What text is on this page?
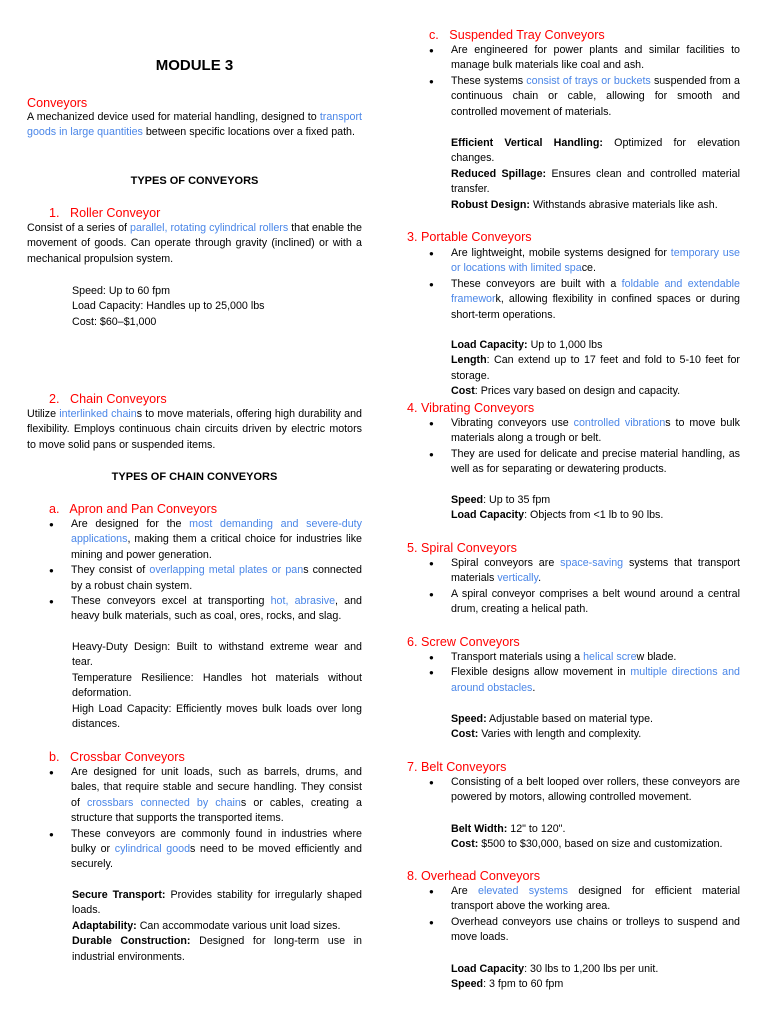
MODULE 3
Conveyors

A mechanized device used for material handling, designed to transport goods in large quantities between specific locations over a fixed path.

TYPES OF CONVEYORS
1. Roller Conveyor

Consist of a series of parallel, rotating cylindrical rollers that enable the movement of goods. Can operate through gravity (inclined) or with a mechanical propulsion system.

Speed: Up to 60 fpm
Load Capacity: Handles up to 25,000 lbs
Cost: $60–$1,000
2. Chain Conveyors

Utilize interlinked chains to move materials, offering high durability and flexibility. Employs continuous chain circuits driven by electric motors to move solid pans or suspended items.

TYPES OF CHAIN CONVEYORS
a. Apron and Pan Conveyors
● Are designed for the most demanding and severe-duty applications, making them a critical choice for industries like mining and power generation.
● They consist of overlapping metal plates or pans connected by a robust chain system.
● These conveyors excel at transporting hot, abrasive, and heavy bulk materials, such as coal, ores, rocks, and slag.
Heavy-Duty Design: Built to withstand extreme wear and tear.
Temperature Resilience: Handles hot materials without deformation.
High Load Capacity: Efficiently moves bulk loads over long distances.
b. Crossbar Conveyors
● Are designed for unit loads, such as barrels, drums, and bales, that require stable and secure handling. They consist of crossbars connected by chains or cables, creating a structure that supports the transported items.
● These conveyors are commonly found in industries where bulky or cylindrical goods need to be moved efficiently and securely.
Secure Transport: Provides stability for irregularly shaped loads.
Adaptability: Can accommodate various unit load sizes.
Durable Construction: Designed for long-term use in industrial environments.
c. Suspended Tray Conveyors
● Are engineered for power plants and similar facilities to manage bulk materials like coal and ash.
● These systems consist of trays or buckets suspended from a continuous chain or cable, allowing for smooth and controlled movement of materials.
Efficient Vertical Handling: Optimized for elevation changes.
Reduced Spillage: Ensures clean and controlled material transfer.
Robust Design: Withstands abrasive materials like ash.
3. Portable Conveyors
● Are lightweight, mobile systems designed for temporary use or locations with limited space.
● These conveyors are built with a foldable and extendable framework, allowing flexibility in confined spaces or during short-term operations.
Load Capacity: Up to 1,000 lbs
Length: Can extend up to 17 feet and fold to 5-10 feet for storage.
Cost: Prices vary based on design and capacity.
4. Vibrating Conveyors
● Vibrating conveyors use controlled vibrations to move bulk materials along a trough or belt.
● They are used for delicate and precise material handling, as well as for separating or dewatering products.
Speed: Up to 35 fpm
Load Capacity: Objects from <1 lb to 90 lbs.
5. Spiral Conveyors
● Spiral conveyors are space-saving systems that transport materials vertically.
● A spiral conveyor comprises a belt wound around a central drum, creating a helical path.
6. Screw Conveyors
● Transport materials using a helical screw blade.
● Flexible designs allow movement in multiple directions and around obstacles.
Speed: Adjustable based on material type.
Cost: Varies with length and complexity.
7. Belt Conveyors
● Consisting of a belt looped over rollers, these conveyors are powered by motors, allowing controlled movement.
Belt Width: 12" to 120".
Cost: $500 to $30,000, based on size and customization.
8. Overhead Conveyors
● Are elevated systems designed for efficient material transport above the working area.
● Overhead conveyors use chains or trolleys to suspend and move loads.
Load Capacity: 30 lbs to 1,200 lbs per unit.
Speed: 3 fpm to 60 fpm
